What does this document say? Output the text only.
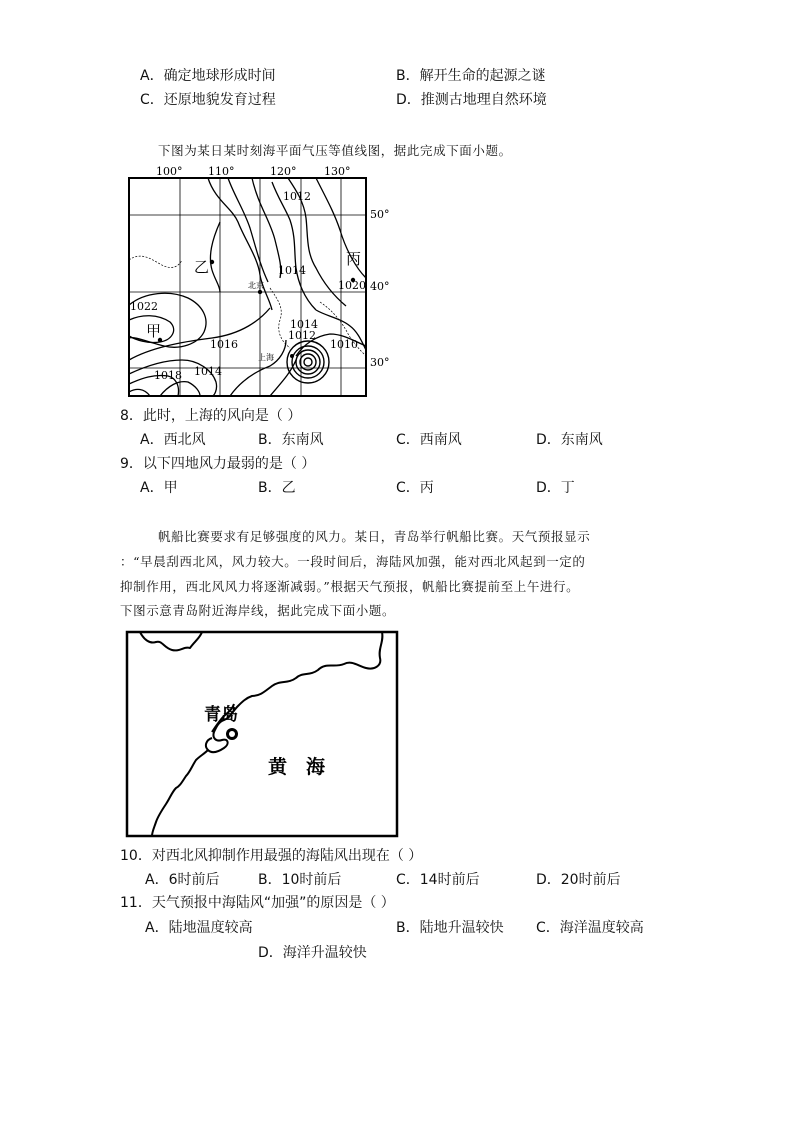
A．确定地球形成时间	B．解开生命的起源之谜
C．还原地貌发育过程	D．推测古地理自然环境
下图为某日某时刻海平面气压等值线图，据此完成下面小题。
100° 110°	120°	130°
50°
40°
30°
乙
甲
丙
北京
上海
1012
1014
1020
1022
1016
1014
1018
1014
1012
1010
8．此时，上海的风向是（ ）
A．西北风	B．东南风	C．西南风	D．东南风
9．以下四地风力最弱的是（ ）
A．甲	B．乙	C．丙	D．丁
帆船比赛要求有足够强度的风力。某日，青岛举行帆船比赛。天气预报显示
：“早晨刮西北风，风力较大。一段时间后，海陆风加强，能对西北风起到一定的
抑制作用，西北风风力将逐渐减弱。”根据天气预报，帆船比赛提前至上午进行。
下图示意青岛附近海岸线，据此完成下面小题。
青岛
黄　海
10．对西北风抑制作用最强的海陆风出现在（ ）
A．6时前后	B．10时前后	C．14时前后	D．20时前后
11．天气预报中海陆风“加强”的原因是（ ）
A．陆地温度较高	B．陆地升温较快 C．海洋温度较高
D．海洋升温较快
